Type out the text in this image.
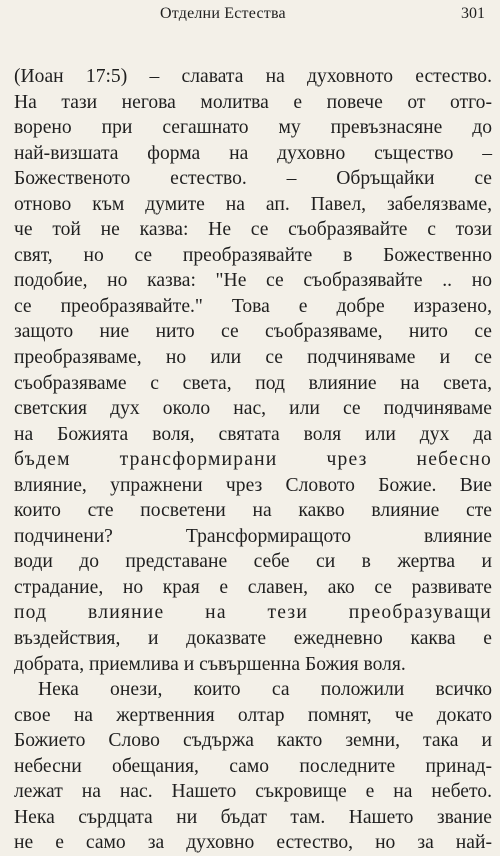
Отделни Естества	301
(Иоан 17:5) – славата на духовното естество.
На тази негова молитва е повече от отго-
ворено при сегашнато му превъзнасяне до
най-визшата форма на духовно същество –
Божественото естество. – Обръщайки се
отново към думите на ап. Павел, забелязваме,
че той не казва: Не се съобразявайте с този
свят, но се преобразявайте в Божественно
подобие, но казва: "Не се съобразявайте .. но
се преобразявайте." Това е добре изразено,
защото ние нито се съобразяваме, нито се
преобразяваме, но или се подчиняваме и се
съобразяваме с света, под влияние на света,
светския дух около нас, или се подчиняваме
на Божията воля, святата воля или дух да
бъдем трансформирани чрез небесно
влияние, упражнени чрез Словото Божие. Вие
които сте посветени на какво влияние сте
подчинени? Трансформиращото влияние
води до представане себе си в жертва и
страдание, но края е славен, ако се развивате
под влияние на тези преобразуващи
въздействия, и доказвате ежедневно каква е
добрата, приемлива и съвършенна Божия воля.
Нека онези, които са положили всичко
свое на жертвенния олтар помнят, че докато
Божието Слово съдържа както земни, така и
небесни обещания, само последните принад-
лежат на нас. Нашето съкровище е на небето.
Нека сърдцата ни бъдат там. Нашето звание
не е само за духовно естество, но за най-
